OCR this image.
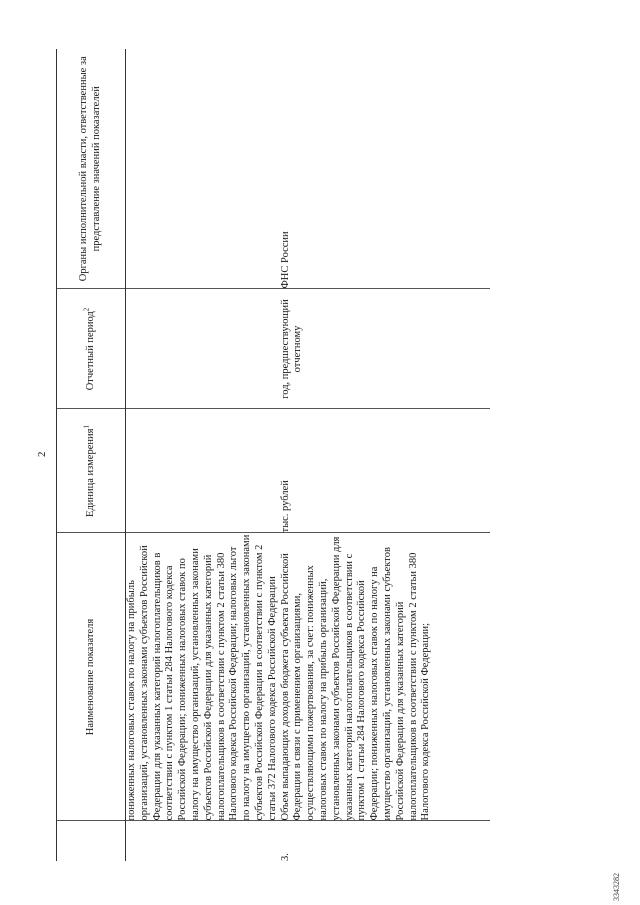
2
	Наименование показателя	Единица измерения$^1$	Отчетный период$^2$	Органы исполнительной власти, ответственные за представление значений показателей
	пониженных налоговых ставок по налогу на прибыль организаций, установленных законами субъектов Российской Федерации для указанных категорий налогоплательщиков в соответствии с пунктом 1 статьи 284 Налогового кодекса Российской Федерации; пониженных налоговых ставок по налогу на имущество организаций, установленных законами субъектов Российской Федерации для указанных категорий налогоплательщиков в соответствии с пунктом 2 статьи 380 Налогового кодекса Российской Федерации; налоговых льгот по налогу на имущество организаций, установленных законами субъектов Российской Федерации в соответствии с пунктом 2 статьи 372 Налогового кодекса Российской Федерации			
3.	Объем выпадающих доходов бюджета субъекта Российской Федерации в связи с применением организациями, осуществляющими пожертвования, за счет: пониженных налоговых ставок по налогу на прибыль организаций, установленных законами субъектов Российской Федерации для указанных категорий налогоплательщиков в соответствии с пунктом 1 статьи 284 Налогового кодекса Российской Федерации; пониженных налоговых ставок по налогу на имущество организаций, установленных законами субъектов Российской Федерации для указанных категорий налогоплательщиков в соответствии с пунктом 2 статьи 380 Налогового кодекса Российской Федерации;	тыс. рублей	год, предшествующий отчетному	ФНС России
3343282
